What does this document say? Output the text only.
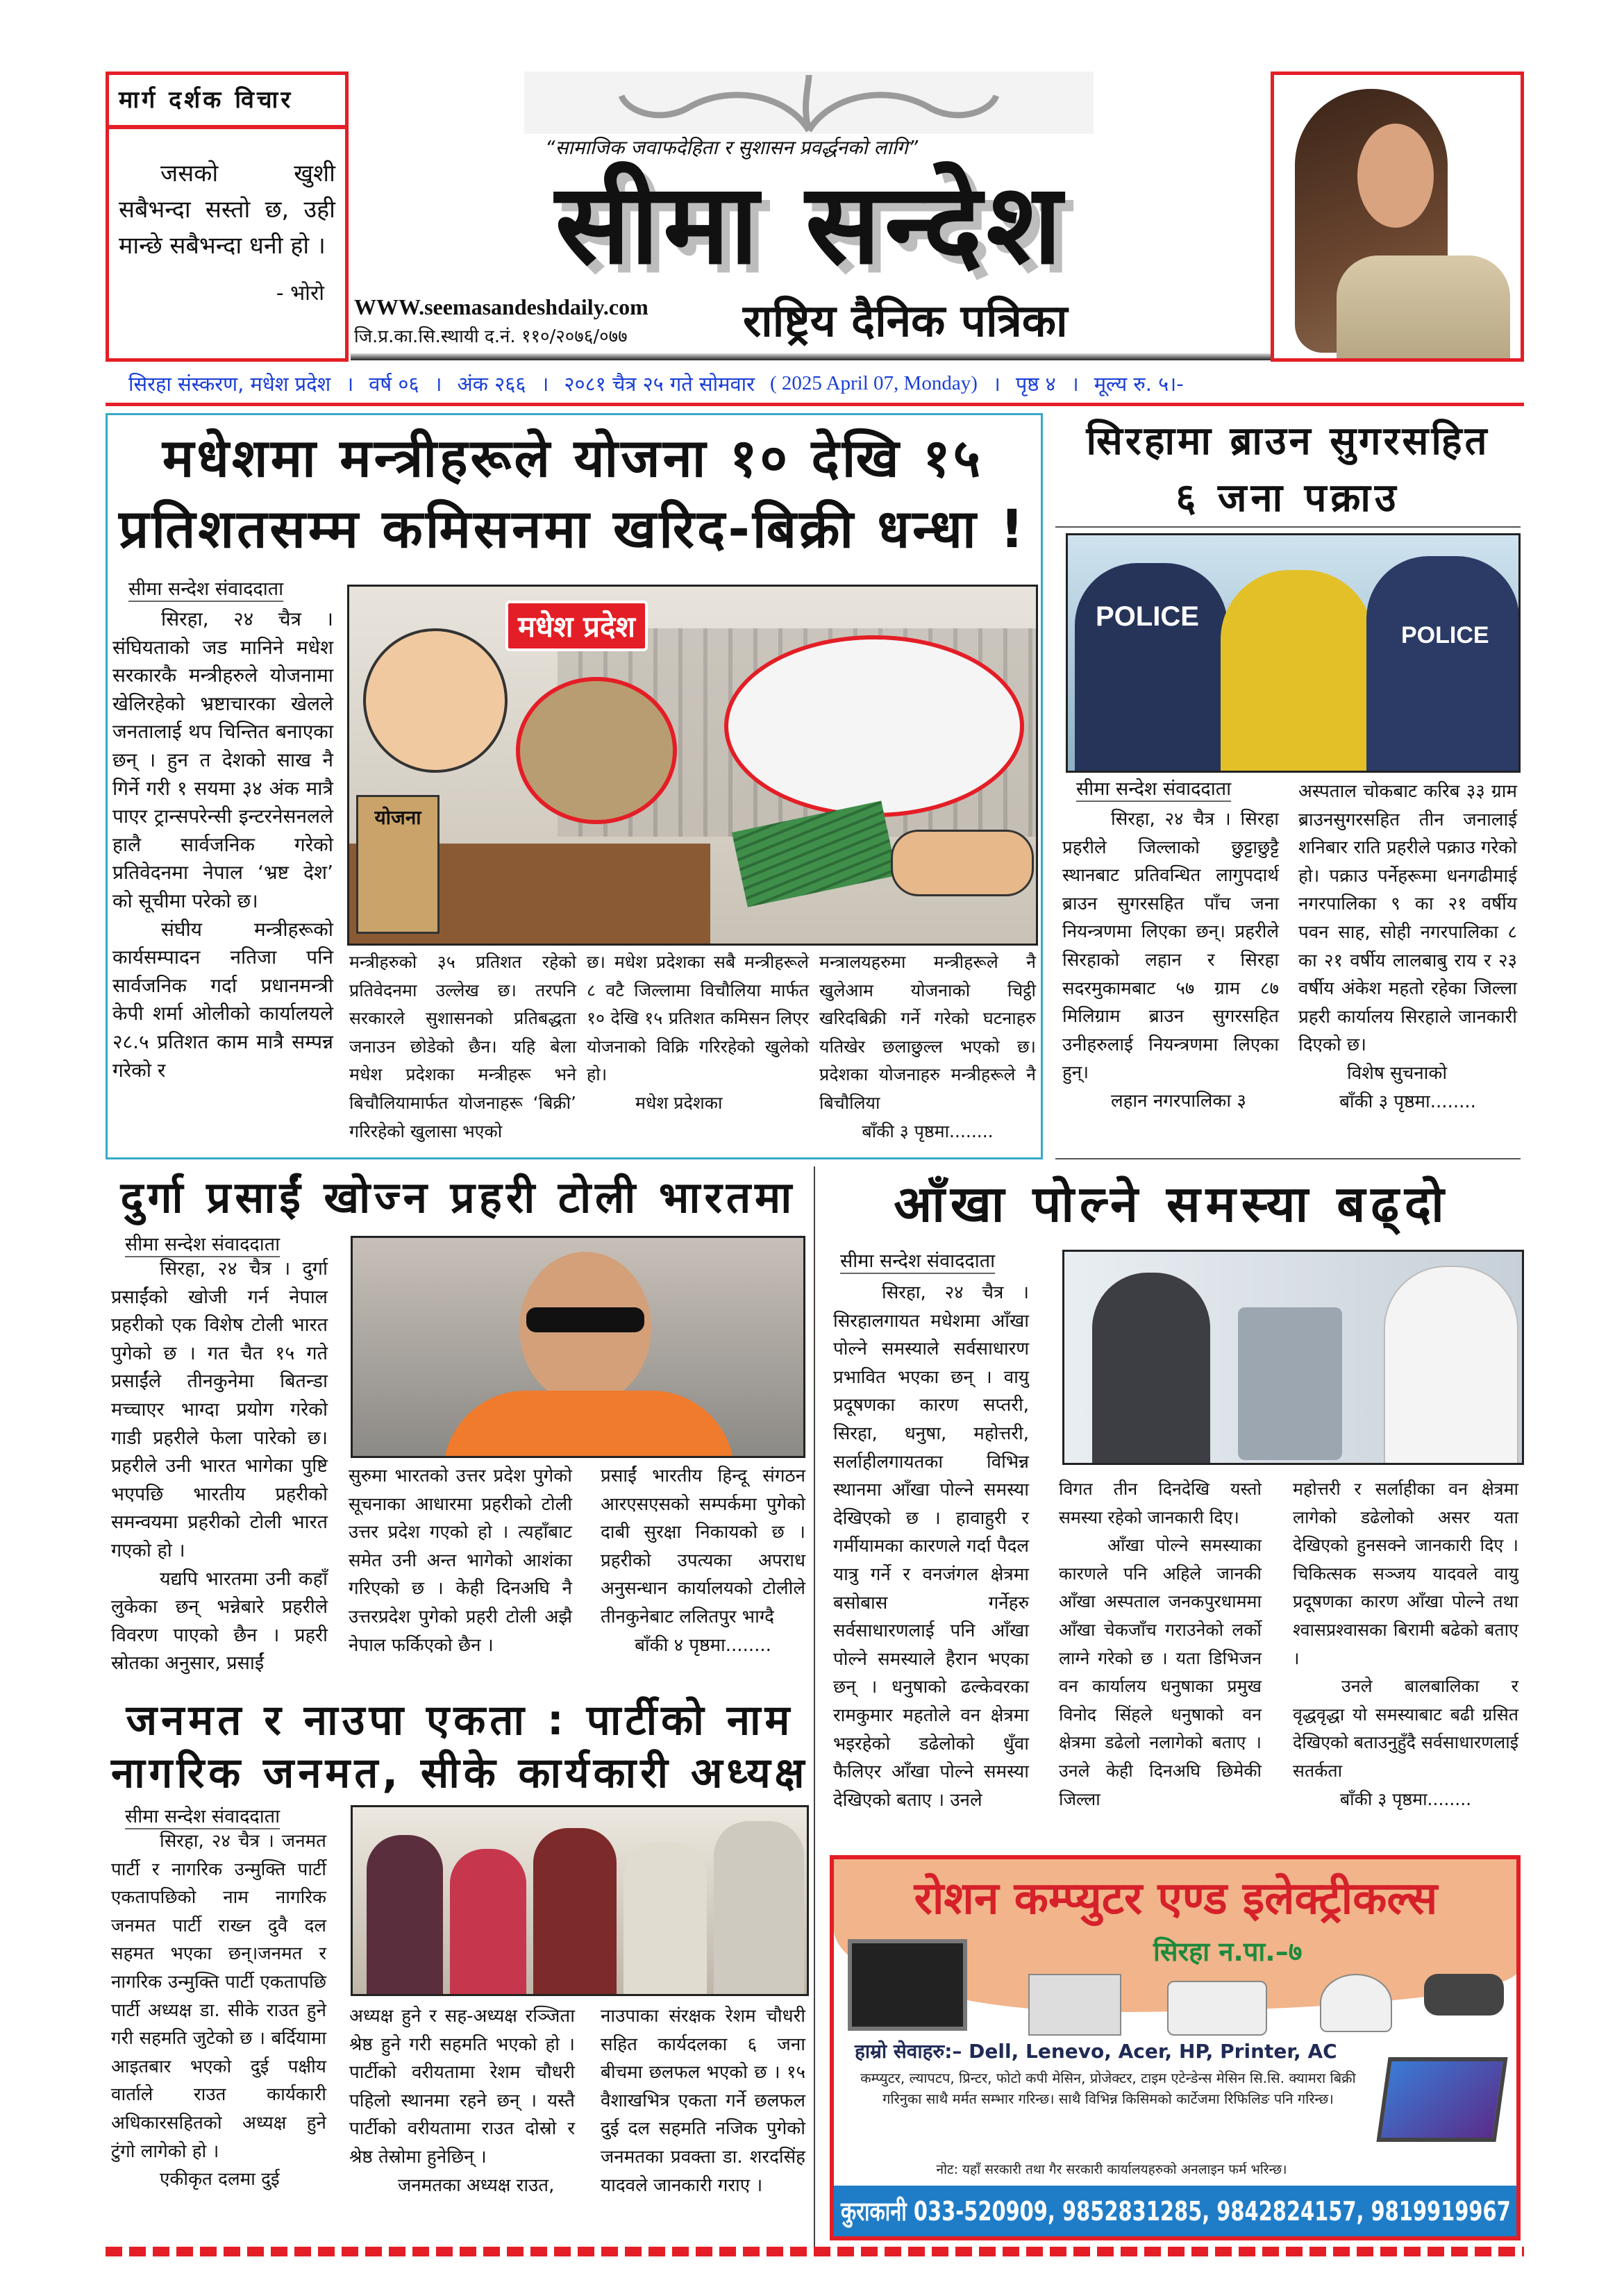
मार्ग दर्शक विचार
जसको खुशी सबैभन्दा सस्तो छ, उही मान्छे सबैभन्दा धनी हो ।
- भोरो
“सामाजिक जवाफदेहिता र सुशासन प्रवर्द्धनको लागि”
सीमा सन्देश
WWW.seemasandeshdaily.com
जि.प्र.का.सि.स्थायी द.नं. ११०/२०७६/०७७	राष्ट्रिय दैनिक पत्रिका
सिरहा संस्करण, मधेश प्रदेश । वर्ष ०६ । अंक २६६ । २०८१ चैत्र २५ गते सोमवार ( 2025 April 07, Monday) । पृष्ठ ४ । मूल्य रु. ५।-
मधेशमा मन्त्रीहरूले योजना १० देखि १५
प्रतिशतसम्म कमिसनमा खरिद-बिक्री धन्धा !
सीमा सन्देश संवाददाता
मधेश प्रदेश
योजना

सिरहा, २४ चैत्र । संघियताको जड मानिने मधेश सरकारकै मन्त्रीहरुले योजनामा खेलिरहेको भ्रष्टाचारका खेलले जनतालाई थप चिन्तित बनाएका छन् । हुन त देशको साख नै गिर्ने गरी १ सयमा ३४ अंक मात्रै पाएर ट्रान्सपरेन्सी इन्टरनेसनलले हालै सार्वजनिक गरेको प्रतिवेदनमा नेपाल ‘भ्रष्ट देश’ को सूचीमा परेको छ।

संघीय मन्त्रीहरूको कार्यसम्पादन नतिजा पनि सार्वजनिक गर्दा प्रधानमन्त्री केपी शर्मा ओलीको कार्यालयले २८.५ प्रतिशत काम मात्रै सम्पन्न गरेको र

मन्त्रीहरुको ३५ प्रतिशत रहेको प्रतिवेदनमा उल्लेख छ। तरपनि सरकारले सुशासनको प्रतिबद्धता जनाउन छोडेको छैन। यहि बेला मधेश प्रदेशका मन्त्रीहरू भने बिचौलियामार्फत योजनाहरू ‘बिक्री’ गरिरहेको खुलासा भएको

छ। मधेश प्रदेशका सबै मन्त्रीहरूले ८ वटै जिल्लामा विचौलिया मार्फत १० देखि १५ प्रतिशत कमिसन लिएर योजनाको विक्रि गरिरहेको खुलेको हो।

मधेश प्रदेशका

मन्त्रालयहरुमा मन्त्रीहरूले नै खुलेआम योजनाको चिट्ठी खरिदबिक्री गर्ने गरेको घटनाहरु यतिखेर छलाछुल्ल भएको छ। प्रदेशका योजनाहरु मन्त्रीहरूले नै बिचौलिया

बाँकी ३ पृष्ठमा........

सिरहामा ब्राउन सुगरसहित
६ जना पक्राउ
POLICE
POLICE
सीमा सन्देश संवाददाता

सिरहा, २४ चैत्र । सिरहा प्रहरीले जिल्लाको छुट्टाछुट्टै स्थानबाट प्रतिवन्धित लागुपदार्थ ब्राउन सुगरसहित पाँच जना नियन्त्रणमा लिएका छन्। प्रहरीले सिरहाको लहान र सिरहा सदरमुकामबाट ५७ ग्राम ८७ मिलिग्राम ब्राउन सुगरसहित उनीहरुलाई नियन्त्रणमा लिएका हुन्।

लहान नगरपालिका ३

अस्पताल चोकबाट करिब ३३ ग्राम ब्राउनसुगरसहित तीन जनालाई शनिबार राति प्रहरीले पक्राउ गरेको हो। पक्राउ पर्नेहरूमा धनगढीमाई नगरपालिका ९ का २१ वर्षीय पवन साह, सोही नगरपालिका ८ का २१ वर्षीय लालबाबु राय र २३ वर्षीय अंकेश महतो रहेका जिल्ला प्रहरी कार्यालय सिरहाले जानकारी दिएको छ।

विशेष सुचनाको

बाँकी ३ पृष्ठमा........

दुर्गा प्रसाईं खोज्न प्रहरी टोली भारतमा
सीमा सन्देश संवाददाता

सिरहा, २४ चैत्र । दुर्गा प्रसाईंको खोजी गर्न नेपाल प्रहरीको एक विशेष टोली भारत पुगेको छ । गत चैत १५ गते प्रसाईंले तीनकुनेमा बितन्डा मच्चाएर भाग्दा प्रयोग गरेको गाडी प्रहरीले फेला पारेको छ। प्रहरीले उनी भारत भागेका पुष्टि भएपछि भारतीय प्रहरीको समन्वयमा प्रहरीको टोली भारत गएको हो ।

यद्यपि भारतमा उनी कहाँ लुकेका छन् भन्नेबारे प्रहरीले विवरण पाएको छैन । प्रहरी स्रोतका अनुसार, प्रसाईं

सुरुमा भारतको उत्तर प्रदेश पुगेको सूचनाका आधारमा प्रहरीको टोली उत्तर प्रदेश गएको हो । त्यहाँबाट समेत उनी अन्त भागेको आशंका गरिएको छ । केही दिनअघि नै उत्तरप्रदेश पुगेको प्रहरी टोली अझै नेपाल फर्किएको छैन ।

प्रसाईं भारतीय हिन्दू संगठन आरएसएसको सम्पर्कमा पुगेको दाबी सुरक्षा निकायको छ । प्रहरीको उपत्यका अपराध अनुसन्धान कार्यालयको टोलीले तीनकुनेबाट ललितपुर भाग्दै

बाँकी ४ पृष्ठमा........

आँखा पोल्ने समस्या बढ्दो
सीमा सन्देश संवाददाता

सिरहा, २४ चैत्र । सिरहालगायत मधेशमा आँखा पोल्ने समस्याले सर्वसाधारण प्रभावित भएका छन् । वायु प्रदूषणका कारण सप्तरी, सिरहा, धनुषा, महोत्तरी, सर्लाहीलगायतका विभिन्न स्थानमा आँखा पोल्ने समस्या देखिएको छ । हावाहुरी र गर्मीयामका कारणले गर्दा पैदल यात्रु गर्ने र वनजंगल क्षेत्रमा बसोबास गर्नेहरु सर्वसाधारणलाई पनि आँखा पोल्ने समस्याले हैरान भएका छन् । धनुषाको ढल्केवरका रामकुमार महतोले वन क्षेत्रमा भइरहेको डढेलोको धुँवा फैलिएर आँखा पोल्ने समस्या देखिएको बताए । उनले

विगत तीन दिनदेखि यस्तो समस्या रहेको जानकारी दिए।

आँखा पोल्ने समस्याका कारणले पनि अहिले जानकी आँखा अस्पताल जनकपुरधाममा आँखा चेकजाँच गराउनेको लर्को लाग्ने गरेको छ । यता डिभिजन वन कार्यालय धनुषाका प्रमुख विनोद सिंहले धनुषाको वन क्षेत्रमा डढेलो नलागेको बताए । उनले केही दिनअघि छिमेकी जिल्ला

महोत्तरी र सर्लाहीका वन क्षेत्रमा लागेको डढेलोको असर यता देखिएको हुनसक्ने जानकारी दिए । चिकित्सक सञ्जय यादवले वायु प्रदूषणका कारण आँखा पोल्ने तथा श्वासप्रश्वासका बिरामी बढेको बताए ।

उनले बालबालिका र वृद्धवृद्धा यो समस्याबाट बढी ग्रसित देखिएको बताउनुहुँदै सर्वसाधारणलाई सतर्कता

बाँकी ३ पृष्ठमा........

जनमत र नाउपा एकता : पार्टीको नाम
नागरिक जनमत, सीके कार्यकारी अध्यक्ष
सीमा सन्देश संवाददाता

सिरहा, २४ चैत्र । जनमत पार्टी र नागरिक उन्मुक्ति पार्टी एकतापछिको नाम नागरिक जनमत पार्टी राख्न दुवै दल सहमत भएका छन्।जनमत र नागरिक उन्मुक्ति पार्टी एकतापछि पार्टी अध्यक्ष डा. सीके राउत हुने गरी सहमति जुटेको छ । बर्दियामा आइतबार भएको दुई पक्षीय वार्ताले राउत कार्यकारी अधिकारसहितको अध्यक्ष हुने टुंगो लागेको हो ।

एकीकृत दलमा दुई

अध्यक्ष हुने र सह-अध्यक्ष रञ्जिता श्रेष्ठ हुने गरी सहमति भएको हो । पार्टीको वरीयतामा रेशम चौधरी पहिलो स्थानमा रहने छन् । यस्तै पार्टीको वरीयतामा राउत दोस्रो र श्रेष्ठ तेस्रोमा हुनेछिन् ।

जनमतका अध्यक्ष राउत,

नाउपाका संरक्षक रेशम चौधरी सहित कार्यदलका ६ जना बीचमा छलफल भएको छ । १५ वैशाखभित्र एकता गर्ने छलफल दुई दल सहमति नजिक पुगेको जनमतका प्रवक्ता डा. शरदसिंह यादवले जानकारी गराए ।

रोशन कम्प्युटर एण्ड इलेक्ट्रीकल्स
सिरहा न.पा.–७
हाम्रो सेवाहरु:– Dell, Lenevo, Acer, HP, Printer, AC
कम्प्युटर, ल्यापटप, प्रिन्टर, फोटो कपी मेसिन, प्रोजेक्टर, टाइम एटेन्डेन्स मेसिन सि.सि. क्यामरा बिक्री गरिनुका साथै मर्मत सम्भार गरिन्छ। साथै विभिन्न किसिमको कार्टेजमा रिफिलिङ पनि गरिन्छ।
नोट: यहाँ सरकारी तथा गैर सरकारी कार्यालयहरुको अनलाइन फर्म भरिन्छ।
कुराकानी 033-520909, 9852831285, 9842824157, 9819919967
